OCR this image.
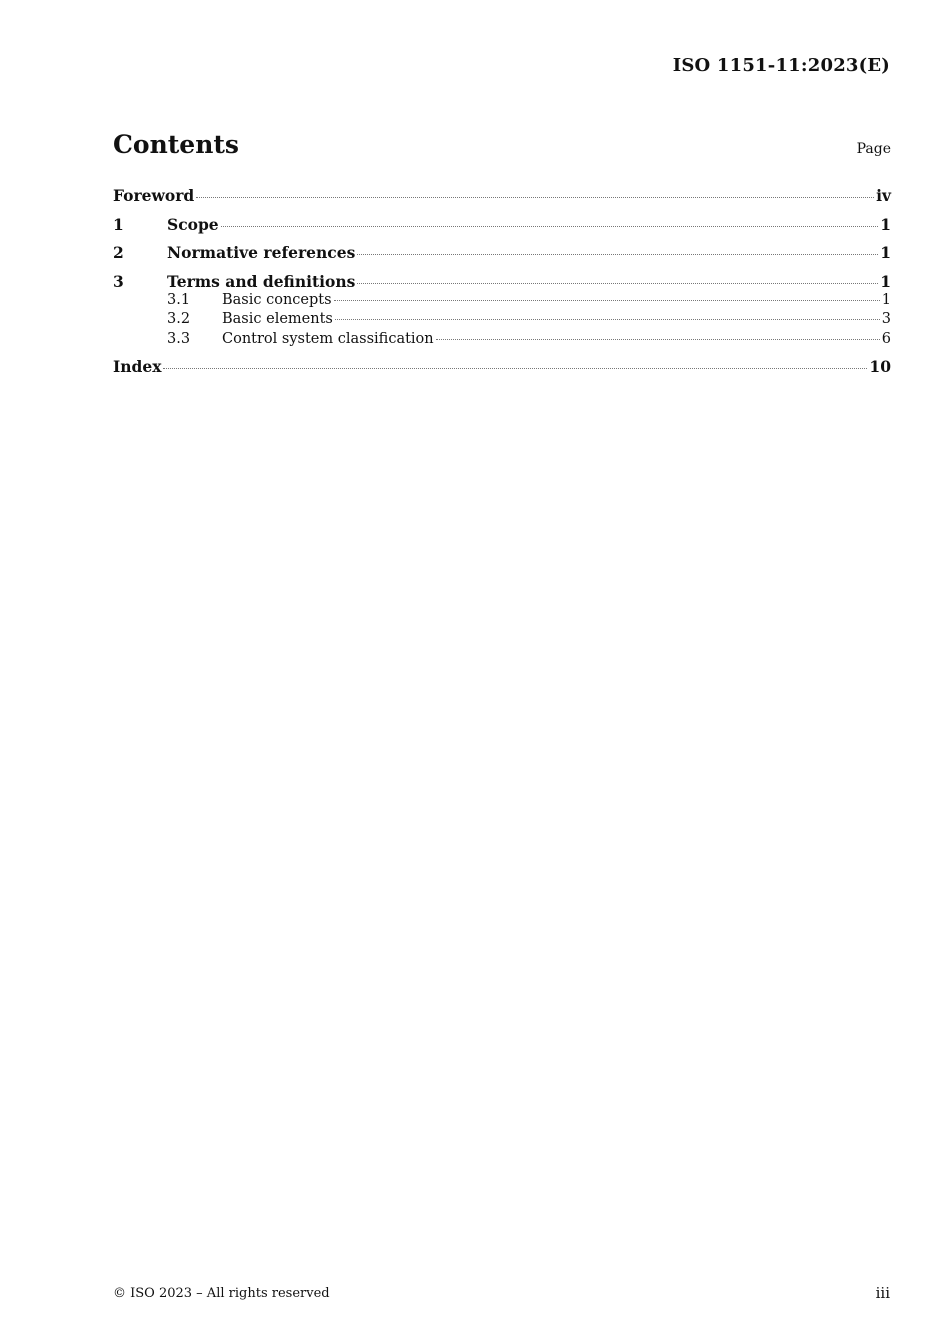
ISO 1151-11:2023(E)
Contents	Page
Foreword	iv
1	Scope	1
2	Normative references	1
3	Terms and definitions	1
3.1	Basic concepts	1
3.2	Basic elements	3
3.3	Control system classification	6
Index	10
© ISO 2023 – All rights reserved	iii
